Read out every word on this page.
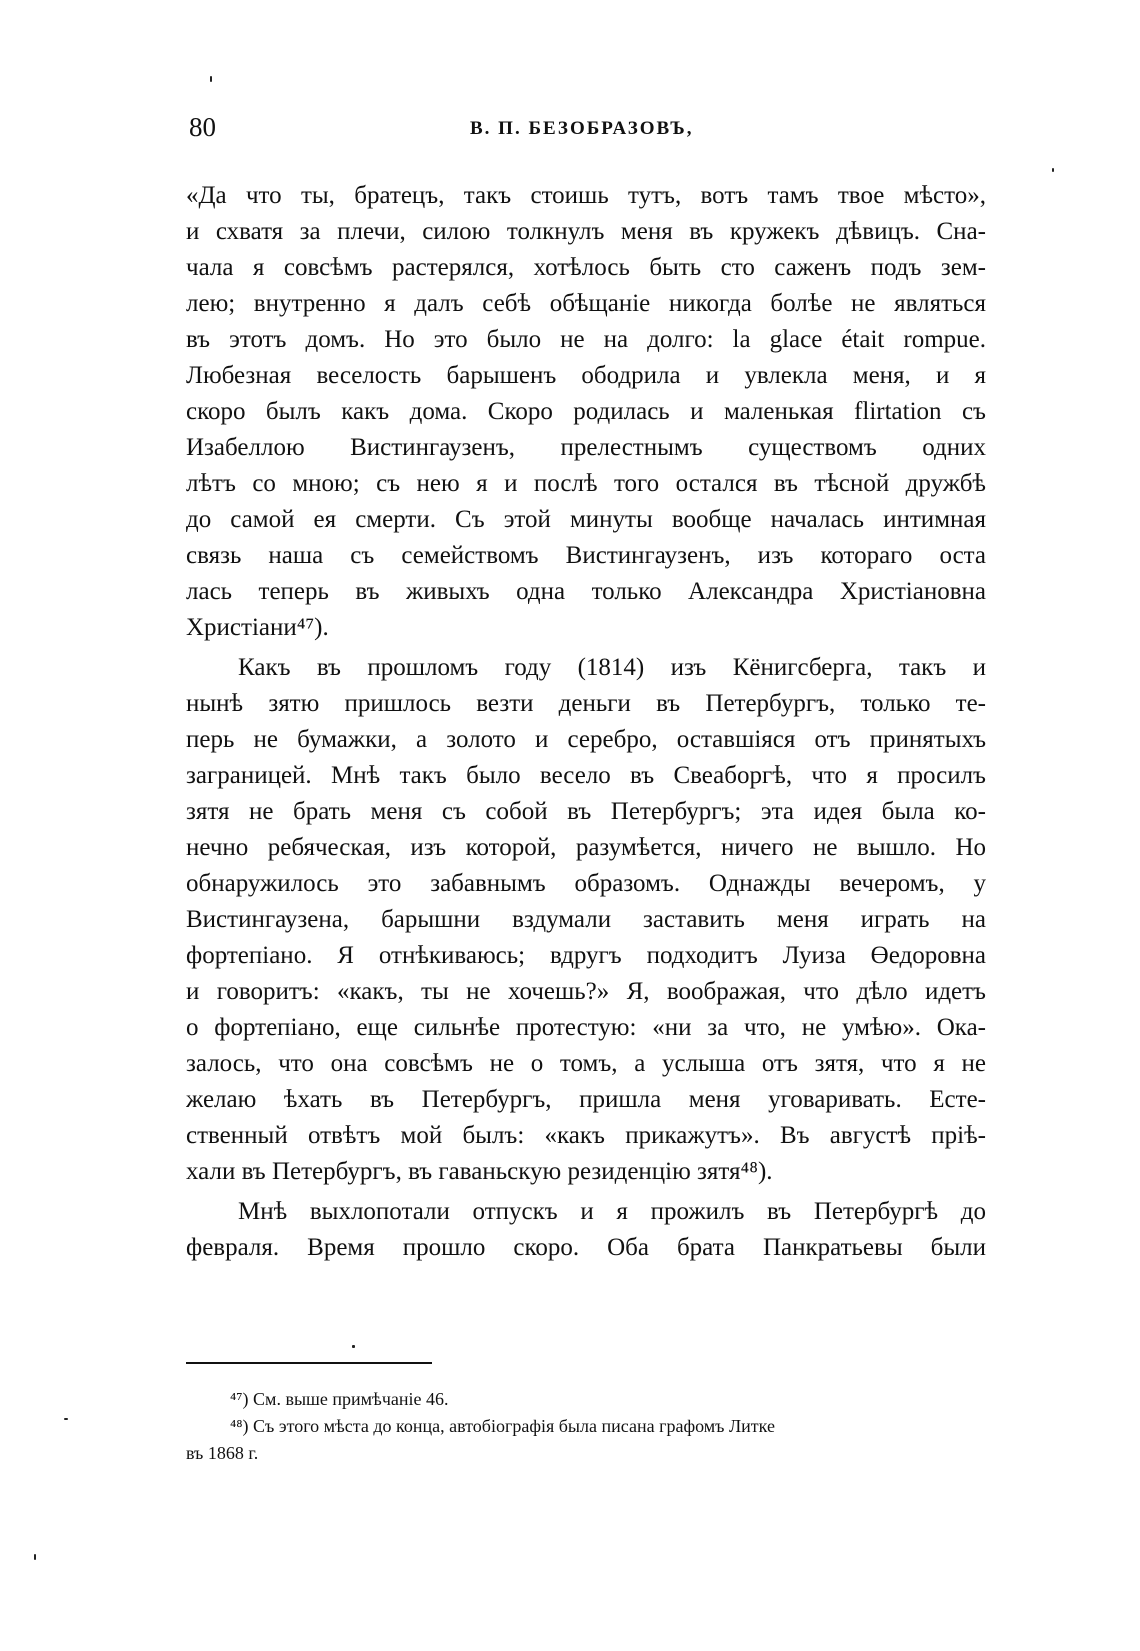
80	В. П. БЕЗОБРАЗОВЪ,
«Да что ты, братецъ, такъ стоишь тутъ, вотъ тамъ твое мѣсто»,
и схватя за плечи, силою толкнулъ меня въ кружекъ дѣвицъ. Сна-
чала я совсѣмъ растерялся, хотѣлось быть сто саженъ подъ зем-
лею; внутренно я далъ себѣ обѣщаніе никогда болѣе не являться
въ этотъ домъ. Но это было не на долго: la glace était rompue.
Любезная веселость барышенъ ободрила и увлекла меня, и я
скоро былъ какъ дома. Скоро родилась и маленькая flirtation съ
Изабеллою Вистингаузенъ, прелестнымъ существомъ одних
лѣтъ со мною; съ нею я и послѣ того остался въ тѣсной дружбѣ
до самой ея смерти. Съ этой минуты вообще началась интимная
связь наша съ семействомъ Вистингаузенъ, изъ котораго оста
лась теперь въ живыхъ одна только Александра Христіановна
Христіани⁴⁷).
Какъ въ прошломъ году (1814) изъ Кёнигсберга, такъ и
нынѣ зятю пришлось везти деньги въ Петербургъ, только те-
перь не бумажки, а золото и серебро, оставшіяся отъ принятыхъ
заграницей. Мнѣ такъ было весело въ Свеаборгѣ, что я просилъ
зятя не брать меня съ собой въ Петербургъ; эта идея была ко-
нечно ребяческая, изъ которой, разумѣется, ничего не вышло. Но
обнаружилось это забавнымъ образомъ. Однажды вечеромъ, у
Вистингаузена, барышни вздумали заставить меня играть на
фортепіано. Я отнѣкиваюсь; вдругъ подходитъ Луиза Өедоровна
и говоритъ: «какъ, ты не хочешь?» Я, воображая, что дѣло идетъ
о фортепіано, еще сильнѣе протестую: «ни за что, не умѣю». Ока-
залось, что она совсѣмъ не о томъ, а услыша отъ зятя, что я не
желаю ѣхать въ Петербургъ, пришла меня уговаривать. Есте-
ственный отвѣтъ мой былъ: «какъ прикажутъ». Въ августѣ пріѣ-
хали въ Петербургъ, въ гаваньскую резиденцію зятя⁴⁸).
Мнѣ выхлопотали отпускъ и я прожилъ въ Петербургѣ до
февраля. Время прошло скоро. Оба брата Панкратьевы были
⁴⁷) См. выше примѣчаніе 46.
⁴⁸) Съ этого мѣста до конца, автобіографія была писана графомъ Литке
въ 1868 г.
